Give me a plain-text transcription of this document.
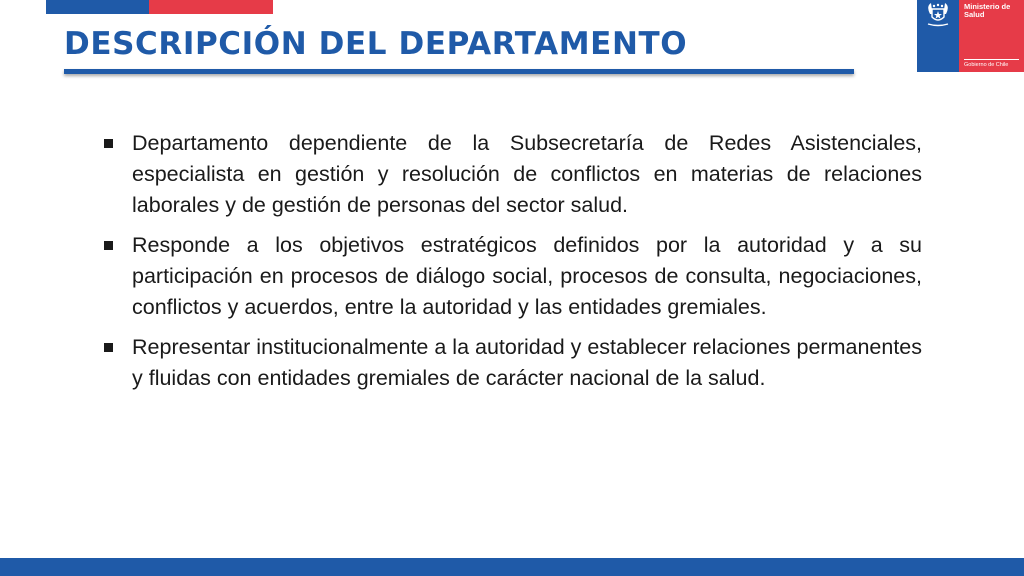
DESCRIPCIÓN DEL DEPARTAMENTO
Ministerio de Salud
Gobierno de Chile
Departamento dependiente de la Subsecretaría de Redes Asistenciales, especialista en gestión y resolución de conflictos en materias de relaciones laborales y de gestión de personas del sector salud.
Responde a los objetivos estratégicos definidos por la autoridad y a su participación en procesos de diálogo social, procesos de consulta, negociaciones, conflictos y acuerdos, entre la autoridad y las entidades gremiales.
Representar institucionalmente a la autoridad y establecer relaciones permanentes y fluidas con entidades gremiales de carácter nacional de la salud.
